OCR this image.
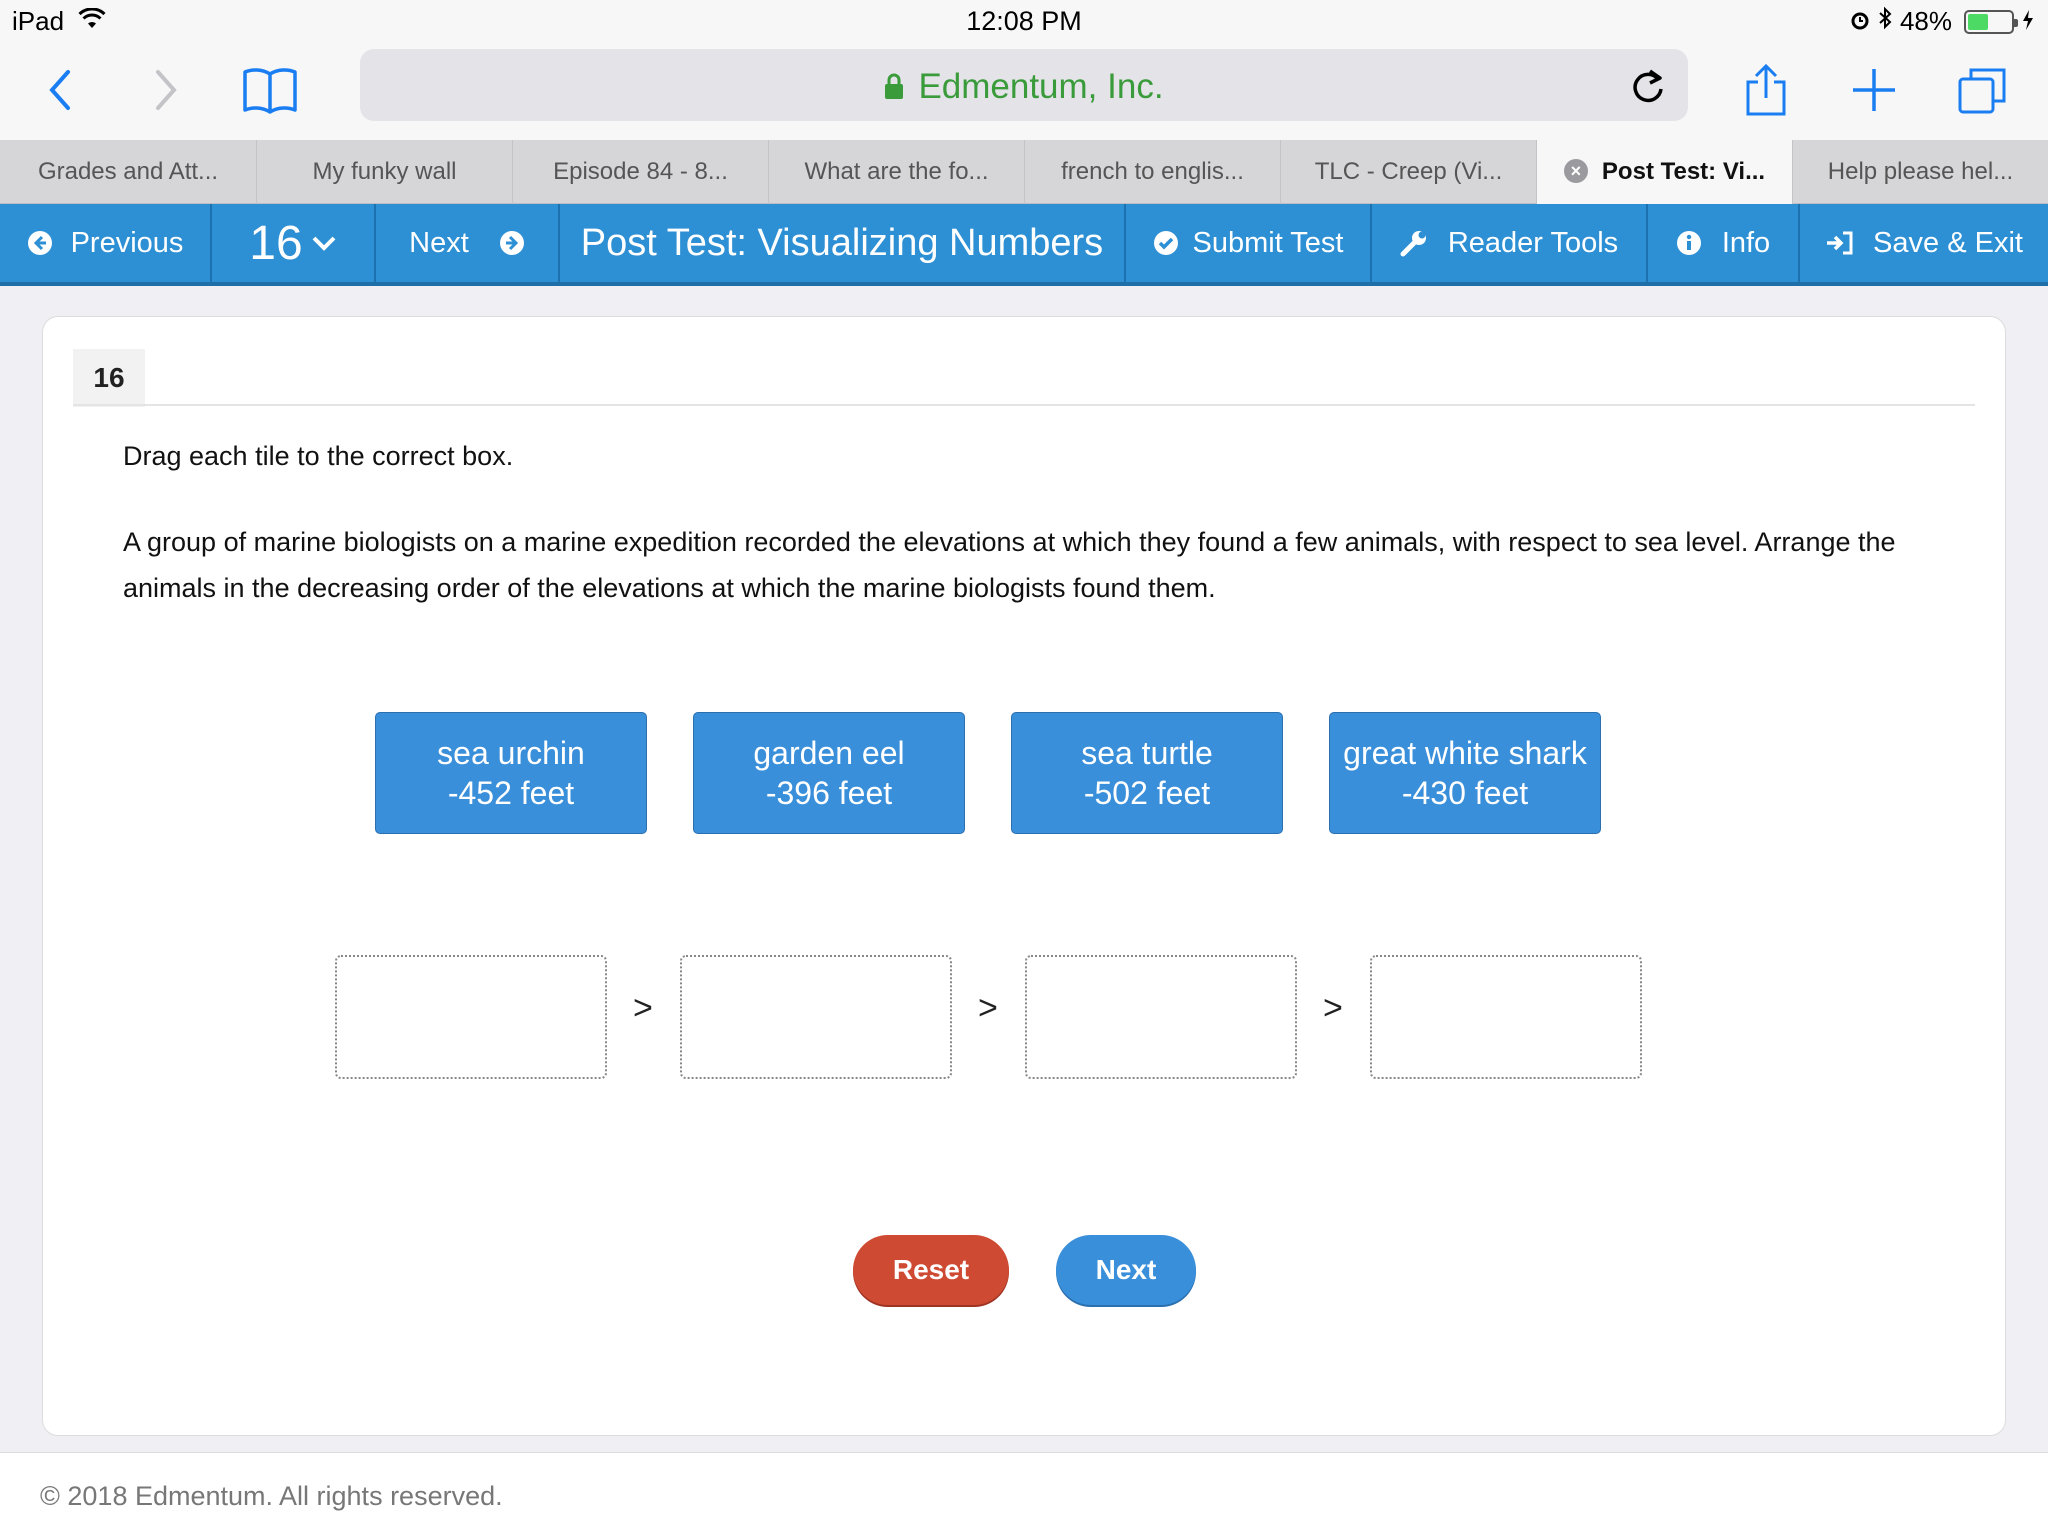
iPad	12:08 PM	48%
Edmentum, Inc.
Grades and Att...	My funky wall	Episode 84 - 8...	What are the fo...	french to englis...	TLC - Creep (Vi...	× Post Test: Vi...	Help please hel...
Previous 16	Next	Post Test: Visualizing Numbers	Submit Test	Reader Tools	Info	Save & Exit
16
Drag each tile to the correct box.
A group of marine biologists on a marine expedition recorded the elevations at which they found a few animals, with respect to sea level. Arrange the animals in the decreasing order of the elevations at which the marine biologists found them.
sea urchin
-452 feet
garden eel
-396 feet
sea turtle
-502 feet
great white shark
-430 feet
>	>	>
Reset	Next
© 2018 Edmentum. All rights reserved.
